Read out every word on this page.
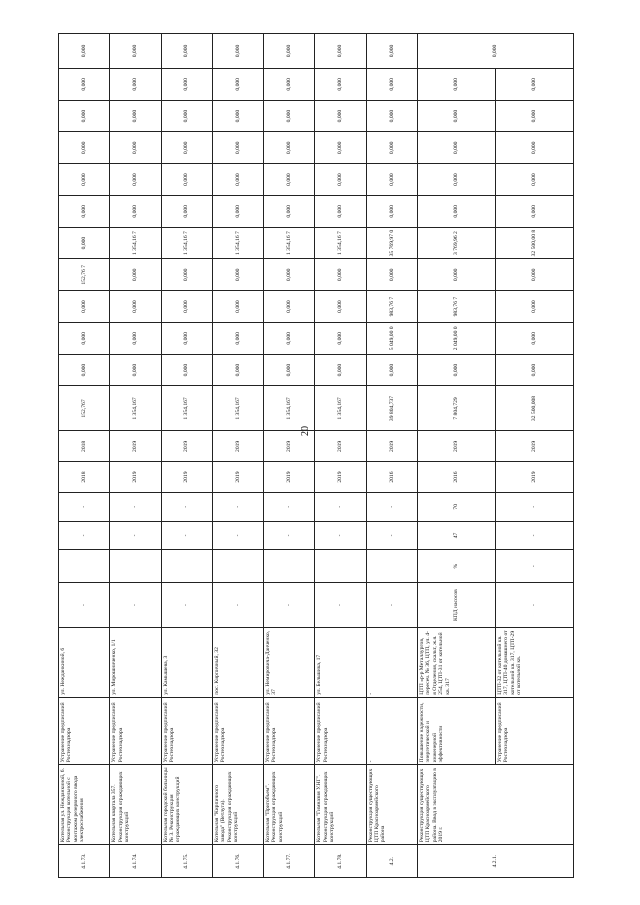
20
4.1.73.	Котельная ул. Нежданкиной, 6. Реконструкция котельной с монтажом резервного ввода электроснабжения	Устранение предписаний Ростехнадзора	ул. Нежданкиной, 6	-		-	-	2018	2018	152,767	0,000	0,000	0,000	152,76 7	0,000	0,000	0,000	0,000	0,000	0,000	0,000
4.1.74.	Котельная квартала 357. Реконструкция ограждающих конструкций	Устранение предписаний Ростехнадзора	ул. Мирошниченко, 1/1	-		-	-	2019	2019	1 354,167	0,000	0,000	0,000	0,000	1 354,16 7	0,000	0,000	0,000	0,000	0,000	0,000
4.1.75.	Котельная городской больницы № 3. Реконструкция ограждающих конструкций	Устранение предписаний Ростехнадзора	ул. Камышева, 3	-		-	-	2019	2019	1 354,167	0,000	0,000	0,000	0,000	1 354,16 7	0,000	0,000	0,000	0,000	0,000	0,000
4.1.76.	Котельная "Кирпичного завода" (Ветлуга). Реконструкция ограждающих конструкций	Устранение предписаний Ростехнадзора	пос. Кирпичный, 32	-		-	-	2019	2019	1 354,167	0,000	0,000	0,000	0,000	1 354,16 7	0,000	0,000	0,000	0,000	0,000	0,000
4.1.77.	Котельная "Пригобъем". Реконструкция ограждающих конструкций	Устранение предписаний Ростехнадзора	ул. Немировича-Данченко, 37	-		-	-	2019	2019	1 354,167	0,000	0,000	0,000	0,000	1 354,16 7	0,000	0,000	0,000	0,000	0,000	0,000
4.1.78.	Котельная "Гимназия У.НГ". Реконструкция ограждающих конструкций	Устранение предписаний Ростехнадзора	ул. Бельшика, 17	-		-	-	2019	2019	1 354,167	0,000	0,000	0,000	0,000	1 354,16 7	0,000	0,000	0,000	0,000	0,000	0,000
4.2.	Реконструкция существующих ЦТП Красноармейского района	-	-	-		-	-	2016	2019	39 804,737	0,000	5 049,00 0	983,76 7	0,000	35 769,97 0	0,000	0,000	0,000	0,000	0,000	0,000
4.2.1.	Реконструкция существующих ЦТП Красноармейского района. Ввод в эксплуатацию в 2019 г.	Повышение надежности, энергетической и инженерной эффективности	ЦТП «р-р Металлургов, пересеч. № 36, ЦТП, ул. 4-я Отделения, скальт, ж.я. 254, ЦТП-31 от котельной кв. 317	КПД насосов	%	47	70	2016	2019	7 804,729	0,000	2 049,00 0	983,76 7	0,000	3 769,96 2	0,000	0,000	0,000	0,000	0,000	0,000
		Устранение предписаний Ростехнадзора	ЦТП-32 от котельной кв. 317, ЦТП-40 домашнего от котельной кв. 317, ЦТП-29 от котельной кв.	-	-	-	-	2019	2019	32 500,008	0,000	0,000	0,000	0,000	32 500,00 8	0,000	0,000	0,000	0,000	0,000	
